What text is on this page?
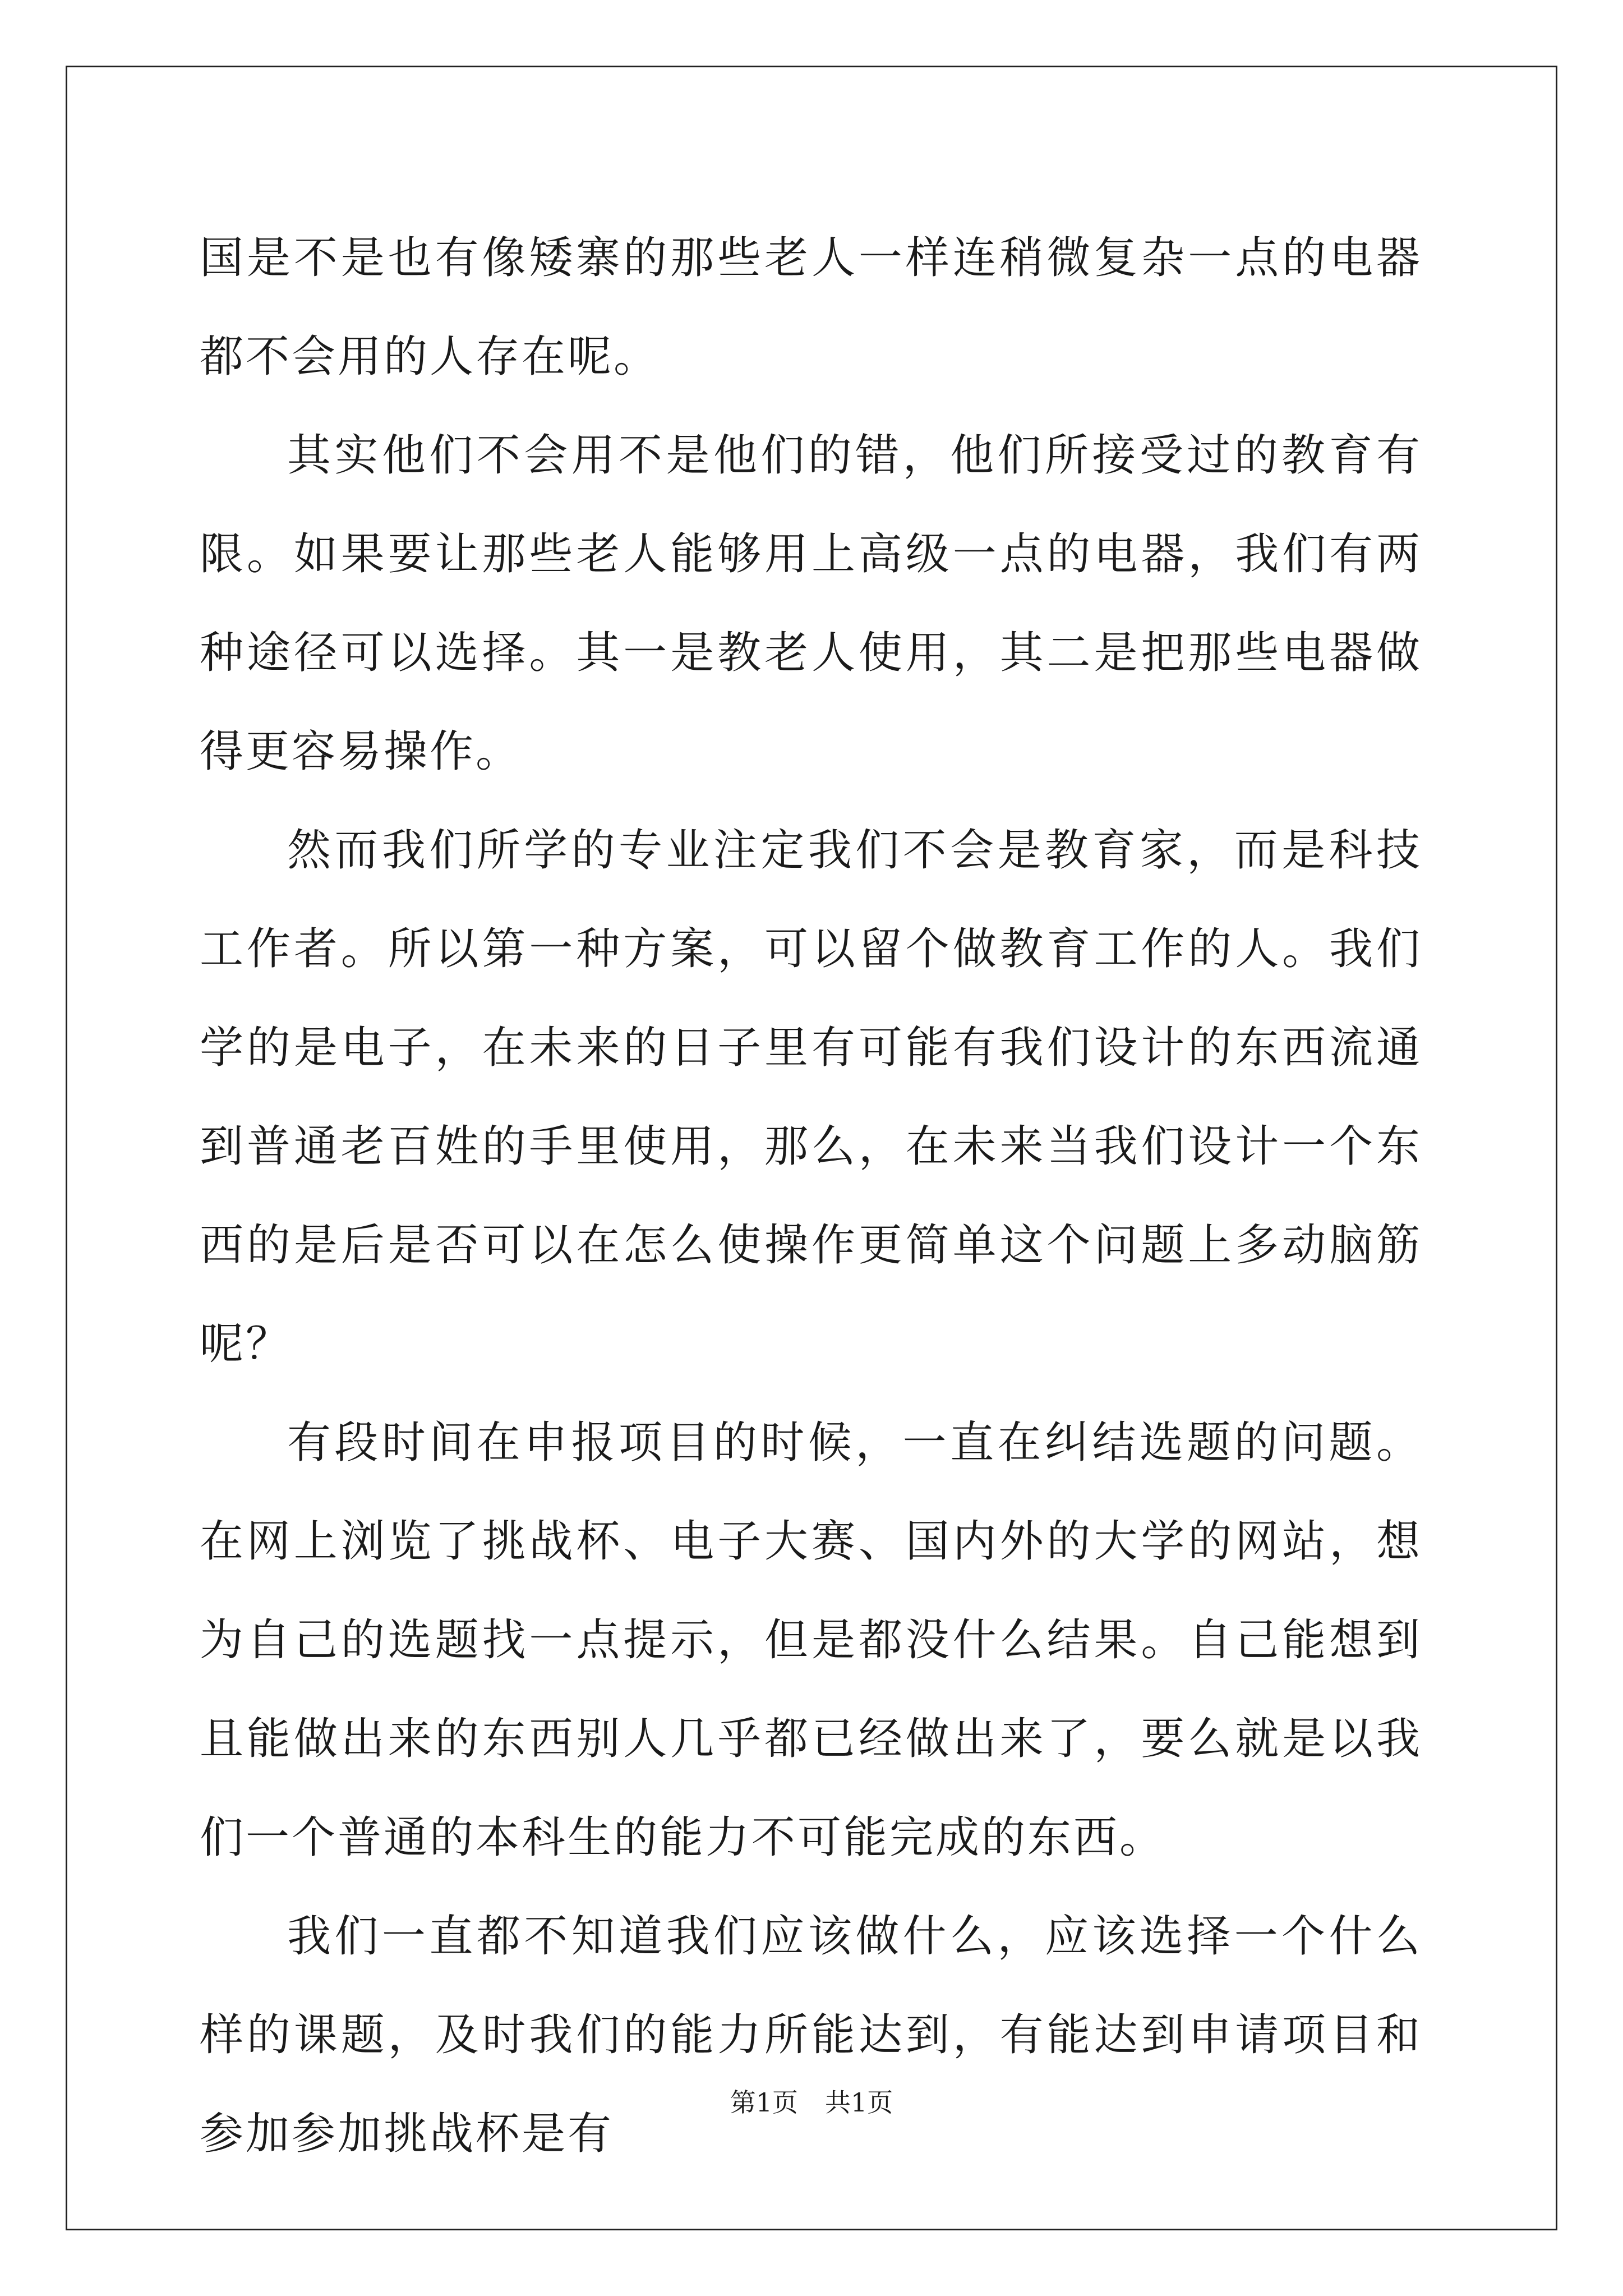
国是不是也有像矮寨的那些老人一样连稍微复杂一点的电器都不会用的人存在呢。

其实他们不会用不是他们的错，他们所接受过的教育有限。如果要让那些老人能够用上高级一点的电器，我们有两种途径可以选择。其一是教老人使用，其二是把那些电器做得更容易操作。

然而我们所学的专业注定我们不会是教育家，而是科技工作者。所以第一种方案，可以留个做教育工作的人。我们学的是电子，在未来的日子里有可能有我们设计的东西流通到普通老百姓的手里使用，那么，在未来当我们设计一个东西的是后是否可以在怎么使操作更简单这个问题上多动脑筋呢？

有段时间在申报项目的时候，一直在纠结选题的问题。在网上浏览了挑战杯、电子大赛、国内外的大学的网站，想为自己的选题找一点提示，但是都没什么结果。自己能想到且能做出来的东西别人几乎都已经做出来了，要么就是以我们一个普通的本科生的能力不可能完成的东西。

我们一直都不知道我们应该做什么，应该选择一个什么样的课题，及时我们的能力所能达到，有能达到申请项目和参加参加挑战杯是有

第1页 共1页
